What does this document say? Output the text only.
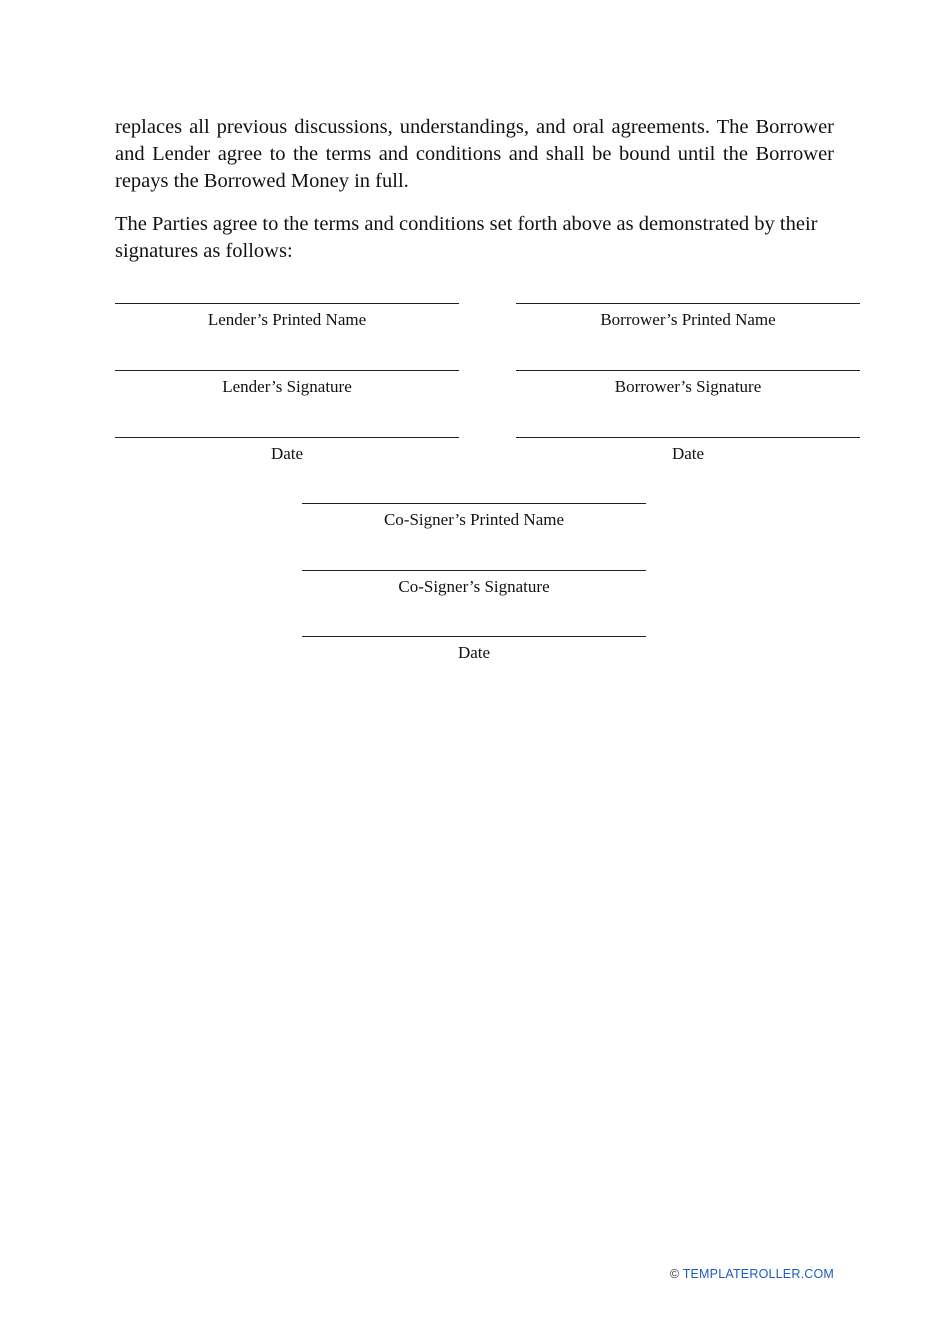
replaces all previous discussions, understandings, and oral agreements. The Borrower and Lender agree to the terms and conditions and shall be bound until the Borrower repays the Borrowed Money in full.

The Parties agree to the terms and conditions set forth above as demonstrated by their signatures as follows:

Lender’s Printed Name
Lender’s Signature
Date
Borrower’s Printed Name
Borrower’s Signature
Date
Co-Signer’s Printed Name
Co-Signer’s Signature
Date
© TEMPLATEROLLER.COM
